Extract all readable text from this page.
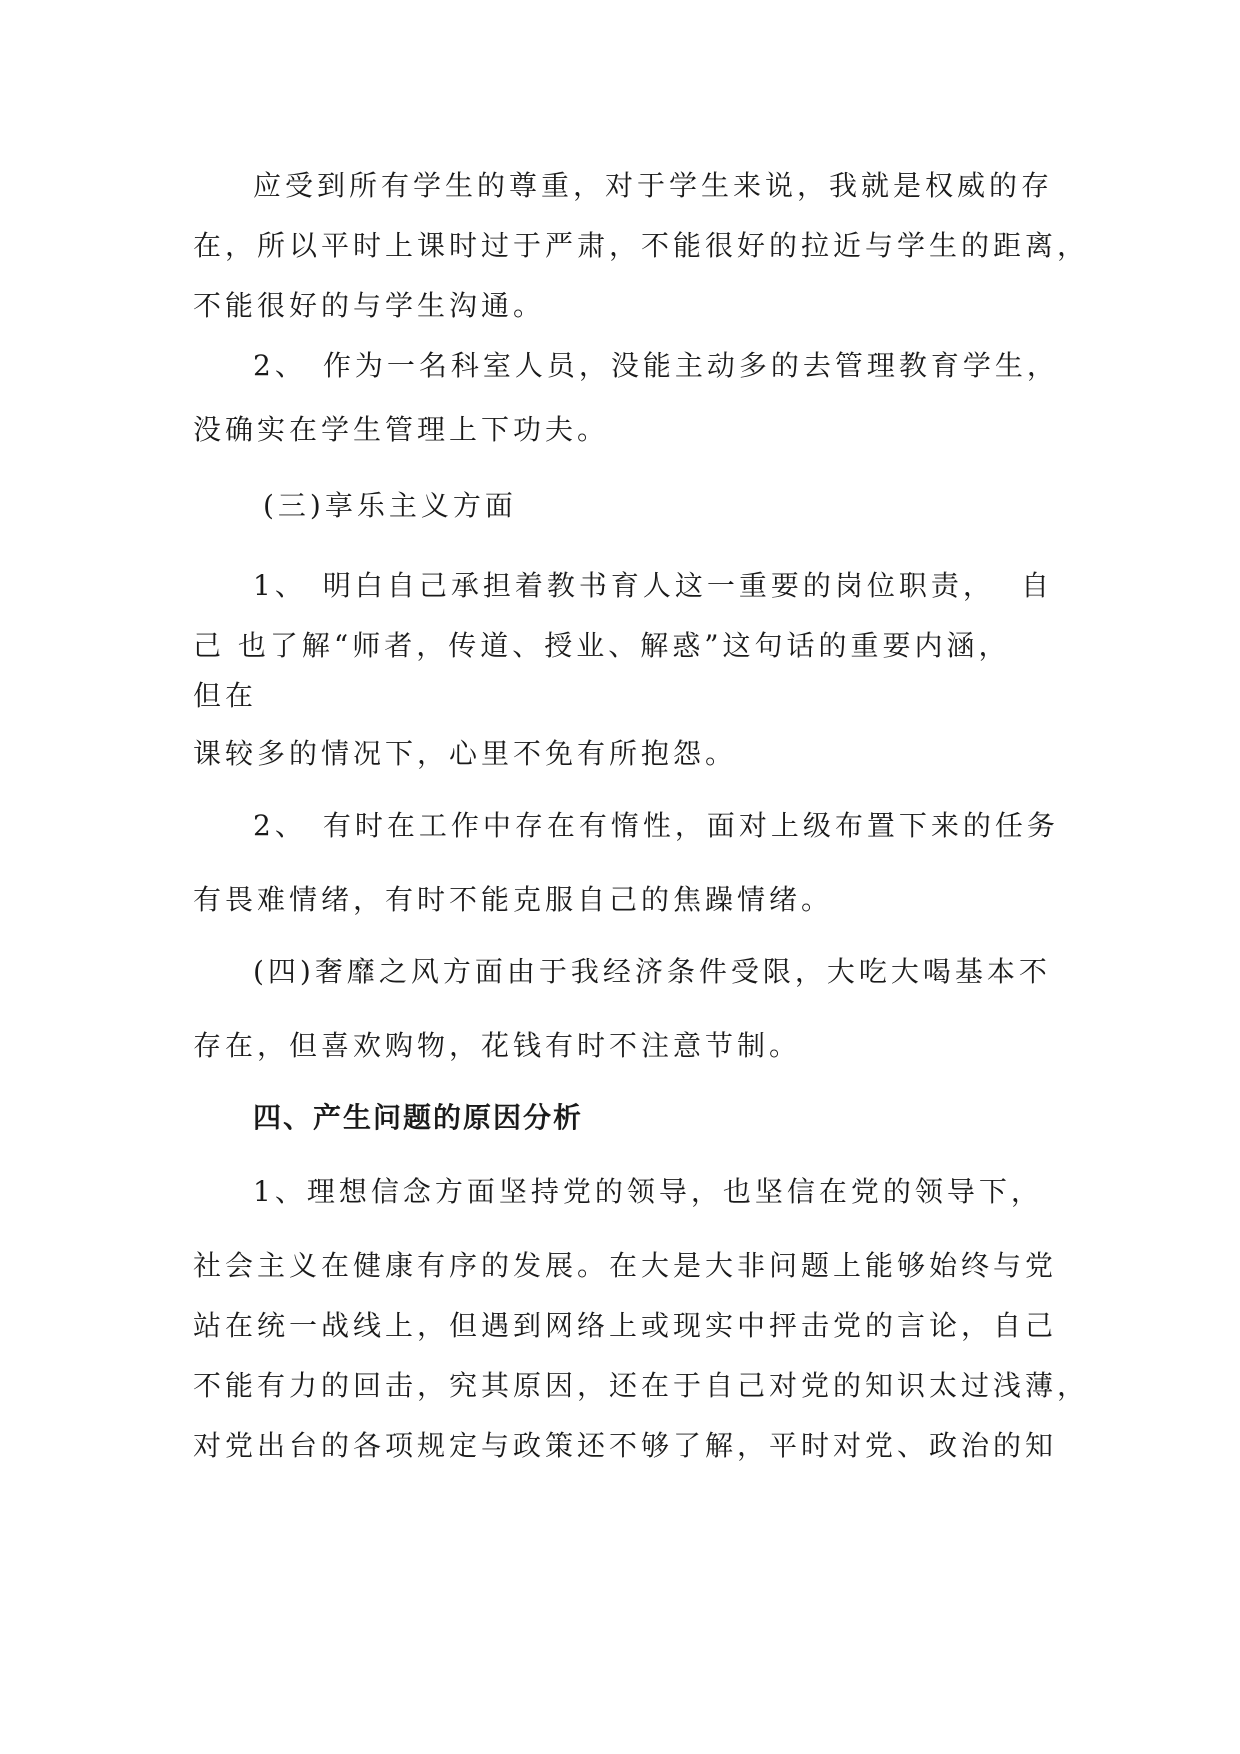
应受到所有学生的尊重，对于学生来说，我就是权威的存
在，所以平时上课时过于严肃，不能很好的拉近与学生的距离，
不能很好的与学生沟通。
2、 作为一名科室人员，没能主动多的去管理教育学生，
没确实在学生管理上下功夫。
(三)享乐主义方面
1、 明白自己承担着教书育人这一重要的岗位职责， 自
己 也了解“师者，传道、授业、解惑”这句话的重要内涵，
但在
课较多的情况下，心里不免有所抱怨。
2、 有时在工作中存在有惰性，面对上级布置下来的任务
有畏难情绪，有时不能克服自己的焦躁情绪。
(四)奢靡之风方面由于我经济条件受限，大吃大喝基本不
存在，但喜欢购物，花钱有时不注意节制。
四、产生问题的原因分析
1、理想信念方面坚持党的领导，也坚信在党的领导下，
社会主义在健康有序的发展。在大是大非问题上能够始终与党
站在统一战线上，但遇到网络上或现实中抨击党的言论，自己
不能有力的回击，究其原因，还在于自己对党的知识太过浅薄，
对党出台的各项规定与政策还不够了解，平时对党、政治的知
